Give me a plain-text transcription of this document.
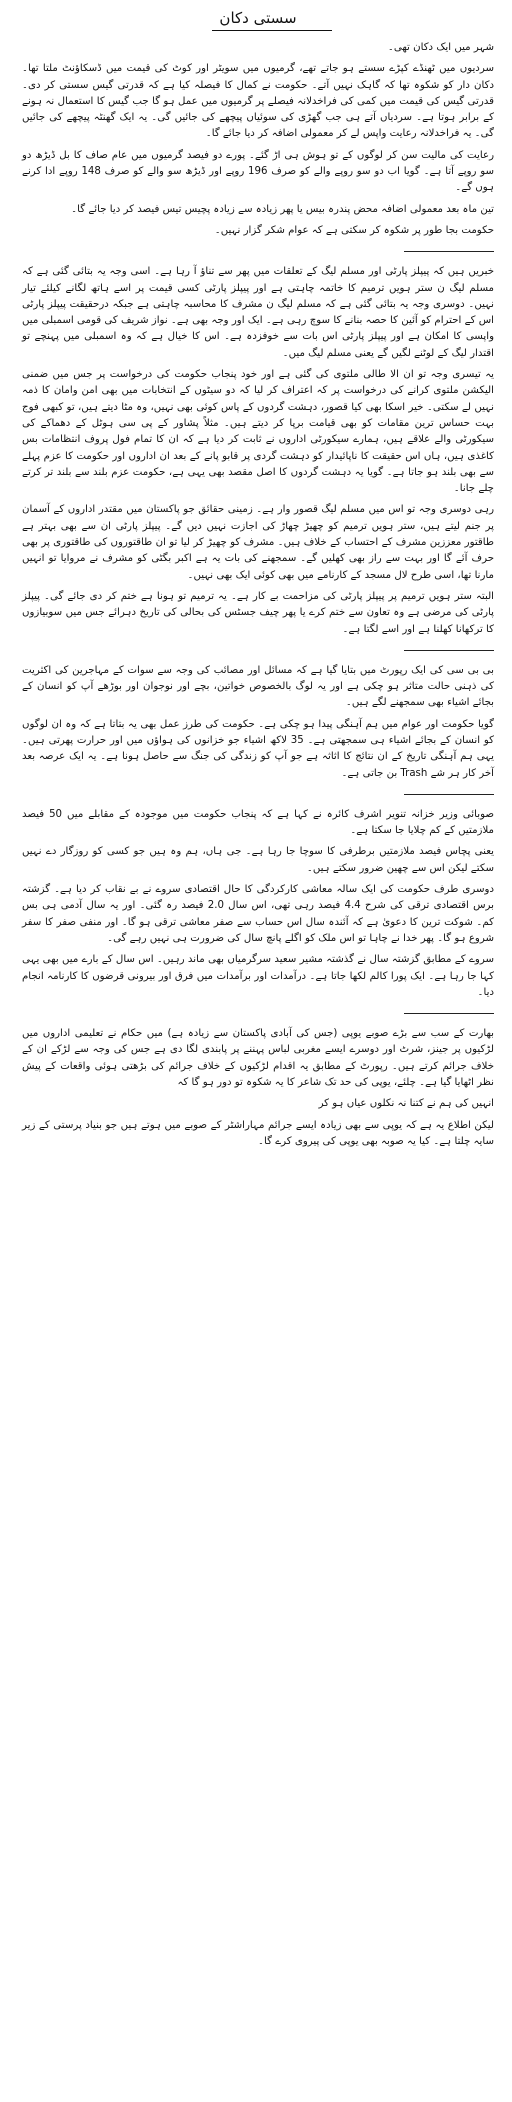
سستی دکان

شہر میں ایک دکان تھی۔

سردیوں میں ٹھنڈے کپڑے سستے ہو جاتے تھے، گرمیوں میں سویٹر اور کوٹ کی قیمت میں ڈسکاؤنٹ ملتا تھا۔ دکان دار کو شکوہ تھا کہ گاہک نہیں آتے۔ حکومت نے کمال کا فیصلہ کیا ہے کہ قدرتی گیس سستی کر دی۔ قدرتی گیس کی قیمت میں کمی کی فراخدلانہ فیصلے پر گرمیوں میں عمل ہو گا جب گیس کا استعمال نہ ہونے کے برابر ہوتا ہے۔ سردیاں آتے ہی جب گھڑی کی سوئیاں پیچھے کی جائیں گی۔ یہ ایک گھنٹہ پیچھے کی جائیں گی۔ یہ فراخدلانہ رعایت واپس لے کر معمولی اضافہ کر دیا جائے گا۔

رعایت کی مالیت سن کر لوگوں کے تو ہوش ہی اڑ گئے۔ پورے دو فیصد گرمیوں میں عام صاف کا بل ڈیڑھ دو سو روپے آتا ہے۔ گویا اب دو سو روپے والے کو صرف 196 روپے اور ڈیڑھ سو والے کو صرف 148 روپے ادا کرنے ہوں گے۔

تین ماہ بعد معمولی اضافہ محض پندرہ بیس یا پھر زیادہ سے زیادہ پچیس تیس فیصد کر دیا جائے گا۔

حکومت بجا طور پر شکوہ کر سکتی ہے کہ عوام شکر گزار نہیں۔

خبریں ہیں کہ پیپلز پارٹی اور مسلم لیگ کے تعلقات میں پھر سے تناؤ آ رہا ہے۔ اسی وجہ یہ بتائی گئی ہے کہ مسلم لیگ ن ستر ہویں ترمیم کا خاتمہ چاہتی ہے اور پیپلز پارٹی کسی قیمت پر اسے ہاتھ لگانے کیلئے تیار نہیں۔ دوسری وجہ یہ بتائی گئی ہے کہ مسلم لیگ ن مشرف کا محاسبہ چاہتی ہے جبکہ درحقیقت پیپلز پارٹی اس کے احترام کو آئین کا حصہ بنانے کا سوچ رہی ہے۔ ایک اور وجہ بھی ہے۔ نواز شریف کی قومی اسمبلی میں واپسی کا امکان ہے اور پیپلز پارٹی اس بات سے خوفزدہ ہے۔ اس کا خیال ہے کہ وہ اسمبلی میں پہنچے تو اقتدار لیگ کے لوٹنے لگیں گے یعنی مسلم لیگ میں۔

یہ تیسری وجہ تو ان الا طالی ملتوی کی گئی ہے اور خود پنجاب حکومت کی درخواست پر جس میں ضمنی الیکشن ملتوی کرانے کی درخواست پر کہ اعتراف کر لیا کہ دو سیٹوں کے انتخابات میں بھی امن وامان کا ذمہ نہیں لے سکتی۔ خیر اسکا بھی کیا قصور، دہشت گردوں کے پاس کوئی بھی نہیں، وہ مٹا دیتے ہیں، تو کبھی فوج بہت حساس ترین مقامات کو بھی قیامت برپا کر دیتے ہیں۔ مثلاً پشاور کے پی سی ہوٹل کے دھماکے کی سیکورٹی والے علاقے ہیں، ہمارے سیکورٹی اداروں نے ثابت کر دیا ہے کہ ان کا تمام فول پروف انتظامات بس کاغذی ہیں، ہاں اس حقیقت کا ناپائیدار کو دہشت گردی پر قابو پانے کے بعد ان اداروں اور حکومت کا عزم پہلے سے بھی بلند ہو جاتا ہے۔ گویا یہ دہشت گردوں کا اصل مقصد بھی یہی ہے، حکومت عزم بلند سے بلند تر کرتے چلے جانا۔

رہی دوسری وجہ تو اس میں مسلم لیگ قصور وار ہے۔ زمینی حقائق جو پاکستان میں مقتدر اداروں کے آسمان پر جنم لیتے ہیں، ستر ہویں ترمیم کو چھیڑ چھاڑ کی اجازت نہیں دیں گے۔ پیپلز پارٹی ان سے بھی بہتر ہے طاقتور معززین مشرف کے احتساب کے خلاف ہیں۔ مشرف کو چھیڑ کر لیا تو ان طاقتوروں کی طاقتوری پر بھی حرف آئے گا اور بہت سے راز بھی کھلیں گے۔ سمجھنے کی بات یہ ہے اکبر بگٹی کو مشرف نے مروایا تو انہیں مارنا تھا، اسی طرح لال مسجد کے کارنامے میں بھی کوئی ایک بھی نہیں۔

البتہ ستر ہویں ترمیم پر پیپلز پارٹی کی مزاحمت بے کار ہے۔ یہ ترمیم تو ہونا ہے ختم کر دی جائے گی۔ پیپلز پارٹی کی مرضی ہے وہ تعاون سے ختم کرے یا پھر چیف جسٹس کی بحالی کی تاریخ دہرائے جس میں سوبیازوں کا ترکھانا کھلنا ہے اور اسے لگتا ہے۔

بی بی سی کی ایک رپورٹ میں بتایا گیا ہے کہ مسائل اور مصائب کی وجہ سے سوات کے مہاجرین کی اکثریت کی ذہنی حالت متاثر ہو چکی ہے اور یہ لوگ بالخصوص خواتین، بچے اور نوجوان اور بوڑھے آپ کو انسان کے بجائے اشیاء بھی سمجھنے لگے ہیں۔

گویا حکومت اور عوام میں ہم آہنگی پیدا ہو چکی ہے۔ حکومت کی طرز عمل بھی یہ بتاتا ہے کہ وہ ان لوگوں کو انسان کے بجائے اشیاء ہی سمجھتی ہے۔ 35 لاکھ اشیاء جو خزانوں کی ہواؤں میں اور حرارت پھرتی ہیں۔ یہی ہم آہنگی تاریخ کے ان نتائج کا اثاثہ ہے جو آپ کو زندگی کی جنگ سے حاصل ہونا ہے۔ یہ ایک عرصہ بعد آخر کار ہر شے Trash بن جاتی ہے۔

صوبائی وزیر خزانہ تنویر اشرف کائرہ نے کہا ہے کہ پنجاب حکومت میں موجودہ کے مقابلے میں 50 فیصد ملازمتیں کے کم چلایا جا سکتا ہے۔

یعنی پچاس فیصد ملازمتیں برطرفی کا سوچا جا رہا ہے۔ جی ہاں، ہم وہ ہیں جو کسی کو روزگار دے نہیں سکتے لیکن اس سے چھین ضرور سکتے ہیں۔

دوسری طرف حکومت کی ایک سالہ معاشی کارکردگی کا حال اقتصادی سروے نے بے نقاب کر دیا ہے۔ گزشتہ برس اقتصادی ترقی کی شرح 4.4 فیصد رہی تھی، اس سال 2.0 فیصد رہ گئی۔ اور یہ سال آدمی ہی بس کم۔ شوکت ترین کا دعویٰ ہے کہ آئندہ سال اس حساب سے صفر معاشی ترقی ہو گا۔ اور منفی صفر کا سفر شروع ہو گا۔ پھر خدا نے چاہا تو اس ملک کو اگلے پانچ سال کی ضرورت ہی نہیں رہے گی۔

سروے کے مطابق گزشتہ سال نے گذشتہ مشیر سعید سرگرمیاں بھی ماند رہیں۔ اس سال کے بارے میں بھی یہی کہا جا رہا ہے۔ ایک پورا کالم لکھا جاتا ہے۔ درآمدات اور برآمدات میں فرق اور بیرونی قرضوں کا کارنامہ انجام دیا۔

بھارت کے سب سے بڑے صوبے یوپی (جس کی آبادی پاکستان سے زیادہ ہے) میں حکام نے تعلیمی اداروں میں لڑکیوں پر جینز، شرٹ اور دوسرے ایسے مغربی لباس پہننے پر پابندی لگا دی ہے جس کی وجہ سے لڑکے ان کے خلاف جرائم کرتے ہیں۔ رپورٹ کے مطابق یہ اقدام لڑکیوں کے خلاف جرائم کی بڑھتی ہوئی واقعات کے پیش نظر اٹھایا گیا ہے۔ چلئے، یوپی کی حد تک شاعر کا یہ شکوہ تو دور ہو گا کہ

انہیں کی ہم نے کتنا نہ نکلوں عیاں ہو کر

لیکن اطلاع یہ ہے کہ یوپی سے بھی زیادہ ایسے جرائم مہاراشٹر کے صوبے میں ہوتے ہیں جو بنیاد پرستی کے زیر سایہ چلتا ہے۔ کیا یہ صوبہ بھی یوپی کی پیروی کرے گا۔
